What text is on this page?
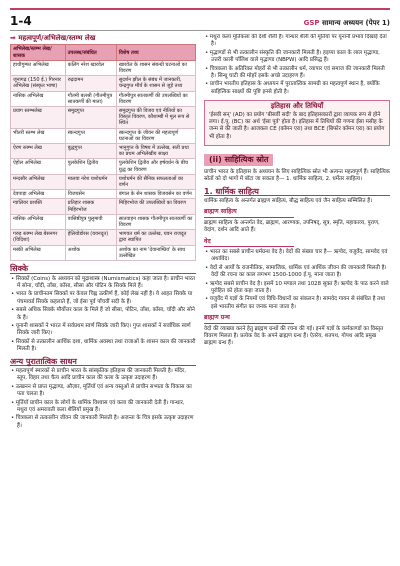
1-4	GSP सामान्य अध्ययन (पेपर 1)
➡ महत्वपूर्ण/अभिलेख/स्तम्भ लेख
अभिलेख/स्तम्भ लेख/शासक	उपलब्ध/संबंधित	विशेष तथ्य
हाथीगुम्फा अभिलेख	कलिंग नरेश खारवेल	खारवेल के शासन संबन्धी घटनाओं का विवरण
जूनागढ़ (150 ई.) गिरनार अभिलेख (संस्कृत भाषा)	रुद्रदामन	सुदर्शन झील के संबंध में जानकारी, चन्द्रगुप्त मौर्य के शासन से जुड़े तथ्य
नासिक अभिलेख	गौतमी बलश्री (गौतमीपुत्र सातकर्णी की माता)	गौतमीपुत्र सातकर्णी की उपलब्धियों का विवरण
प्रयाग स्तम्भलेख	समुद्रगुप्त	समुद्रगुप्त की विजय एवं नीतियों का विस्तृत विवरण, कौशाम्बी में मूल रूप से स्थित
भीतरी स्तम्भ लेख	स्कन्दगुप्त	स्कन्दगुप्त के जीवन की महत्वपूर्ण घटनाओं का विवरण
ऐरण स्तम्भ लेख	बुद्धगुप्त	भानुगुप्त के विषय में उल्लेख, सती प्रथा का प्रथम अभिलेखीय साक्ष्य
ऐहोल अभिलेख	पुलकेशिन द्वितीय	पुलकेशिन द्वितीय और हर्षवर्धन के बीच युद्ध का विवरण
मन्दसौर अभिलेख	मालवा नरेश यशोधर्मन	यशोधर्मन की सैनिक सफलताओं का वर्णन
देवपाड़ा अभिलेख	विजयसेन	बंगाल के सेन शासक विजयसेन का वर्णन
ग्वालियर प्रशस्ति	प्रतिहार शासक मिहिरभोज	मिहिरभोज की उपलब्धियों का विवरण
नासिक अभिलेख	वासिष्ठीपुत्र पुलुमावी	सातवाहन शासक गौतमीपुत्र सातकर्णी का विवरण
गरुड़ स्तम्भ लेख बेसनगर (विदिशा)	हेलियोडोरस (यवनदूत)	भागवत धर्म का उल्लेख, यवन राजदूत द्वारा स्थापित
मस्की अभिलेख	अशोक	अशोक का नाम 'देवानाम्प्रिय' के साथ उल्लेखित
सिक्के
• सिक्कों (Coins) के अध्ययन को मुद्राशास्त्र (Numismatics) कहा जाता है। प्राचीन भारत में सोना, चाँदी, ताँबा, काँसा, सीसा और पोटिन के सिक्के मिले हैं।
• भारत के प्राचीनतम सिक्कों पर केवल चिह्न उत्कीर्ण हैं, कोई लेख नहीं है। ये आहत सिक्के या पंचमार्क्ड सिक्के कहलाते हैं, जो ईसा पूर्व पाँचवीं सदी के हैं।
• सबसे अधिक सिक्के मौर्योत्तर काल के मिले हैं जो सीसा, पोटिन, ताँबा, काँसा, चाँदी और सोने के हैं।
• यूनानी शासकों ने भारत में सर्वप्रथम स्वर्ण सिक्के जारी किए। गुप्त शासकों ने सर्वाधिक स्वर्ण सिक्के जारी किए।
• सिक्कों से तत्कालीन आर्थिक दशा, धार्मिक अवस्था तथा राजाओं के शासन काल की जानकारी मिलती है।
अन्य पुरातात्विक साधन
• महत्वपूर्ण स्मारकों से प्राचीन भारत के सांस्कृतिक इतिहास की जानकारी मिलती है। मंदिर, स्तूप, विहार तथा चैत्य आदि प्राचीन काल की कला के उत्कृष्ट उदाहरण हैं।
• उत्खनन से प्राप्त मृद्भाण्ड, औज़ार, मूर्तियाँ एवं अन्य वस्तुओं से प्राचीन सभ्यता के विकास का पता चलता है।
• मूर्तियाँ प्राचीन काल के लोगों के धार्मिक विश्वास एवं कला की जानकारी देती हैं। गान्धार, मथुरा एवं अमरावती कला शैलियाँ प्रमुख हैं।
• चित्रकला से तत्कालीन जीवन की जानकारी मिलती है। अजन्ता के चित्र इसके उत्कृष्ट उदाहरण हैं।
• मथुरा कला मूर्तिकला की देशी शैली है। गान्धार शैली की मूर्तियों पर यूनानी प्रभाव दिखाई देता है।
• मृद्भाण्डों से भी तत्कालीन संस्कृति की जानकारी मिलती है। हड़प्पा काल के लाल मृद्भाण्ड, उत्तरी काली पॉलिश वाले मृद्भाण्ड (NBPW) आदि प्रसिद्ध हैं।
• चित्रकला के अतिरिक्त मोहरों से भी तत्कालीन धर्म, व्यापार एवं समाज की जानकारी मिलती है। सिन्धु घाटी की मोहरें इसके अच्छे उदाहरण हैं।
• प्राचीन भारतीय इतिहास के अध्ययन में पुरातात्विक सामग्री का महत्वपूर्ण स्थान है, क्योंकि साहित्यिक साक्ष्यों की पुष्टि इनसे होती है।
इतिहास और तिथियाँ

'ईसवी सन्' (AD) का प्रयोग 'बीसवीं सदी' के बाद इतिहासकारों द्वारा व्यापक रूप से होने लगा। ई.पू. (BC) का अर्थ 'ईसा पूर्व' होता है। इतिहास में तिथियों की गणना ईसा मसीह के जन्म से की जाती है। आजकल CE (कॉमन एरा) तथा BCE (बिफोर कॉमन एरा) का प्रयोग भी होता है।

(ii) साहित्यिक स्रोत

प्राचीन भारत के इतिहास के अध्ययन के लिए साहित्यिक स्रोत भी अत्यन्त महत्वपूर्ण हैं। साहित्यिक स्रोतों को दो भागों में बाँटा जा सकता है— 1. धार्मिक साहित्य, 2. धर्मेतर साहित्य।

1. धार्मिक साहित्य

धार्मिक साहित्य के अन्तर्गत ब्राह्मण साहित्य, बौद्ध साहित्य एवं जैन साहित्य सम्मिलित हैं।

ब्राह्मण साहित्य

ब्राह्मण साहित्य के अन्तर्गत वेद, ब्राह्मण, आरण्यक, उपनिषद्, सूत्र, स्मृति, महाकाव्य, पुराण, वेदांग, दर्शन आदि आते हैं।

वेद
• भारत का सबसे प्राचीन धर्मग्रन्थ वेद है। वेदों की संख्या चार है— ऋग्वेद, यजुर्वेद, सामवेद एवं अथर्ववेद।
• वेदों से आर्यों के राजनीतिक, सामाजिक, धार्मिक एवं आर्थिक जीवन की जानकारी मिलती है। वेदों की रचना का काल लगभग 1500-1000 ई.पू. माना जाता है।
• ऋग्वेद सबसे प्राचीन वेद है। इसमें 10 मण्डल तथा 1028 सूक्त हैं। ऋग्वेद के पाठ करने वाले पुरोहित को होता कहा जाता है।
• यजुर्वेद में यज्ञों के नियमों एवं विधि-विधानों का संकलन है। सामवेद गायन से संबंधित है तथा इसे भारतीय संगीत का जनक माना जाता है।
ब्राह्मण ग्रन्थ

वेदों की व्याख्या करने हेतु ब्राह्मण ग्रन्थों की रचना की गई। इनमें यज्ञों के कर्मकाण्डों का विस्तृत विवरण मिलता है। प्रत्येक वेद के अपने ब्राह्मण ग्रन्थ हैं। ऐतरेय, शतपथ, गोपथ आदि प्रमुख ब्राह्मण ग्रन्थ हैं।
